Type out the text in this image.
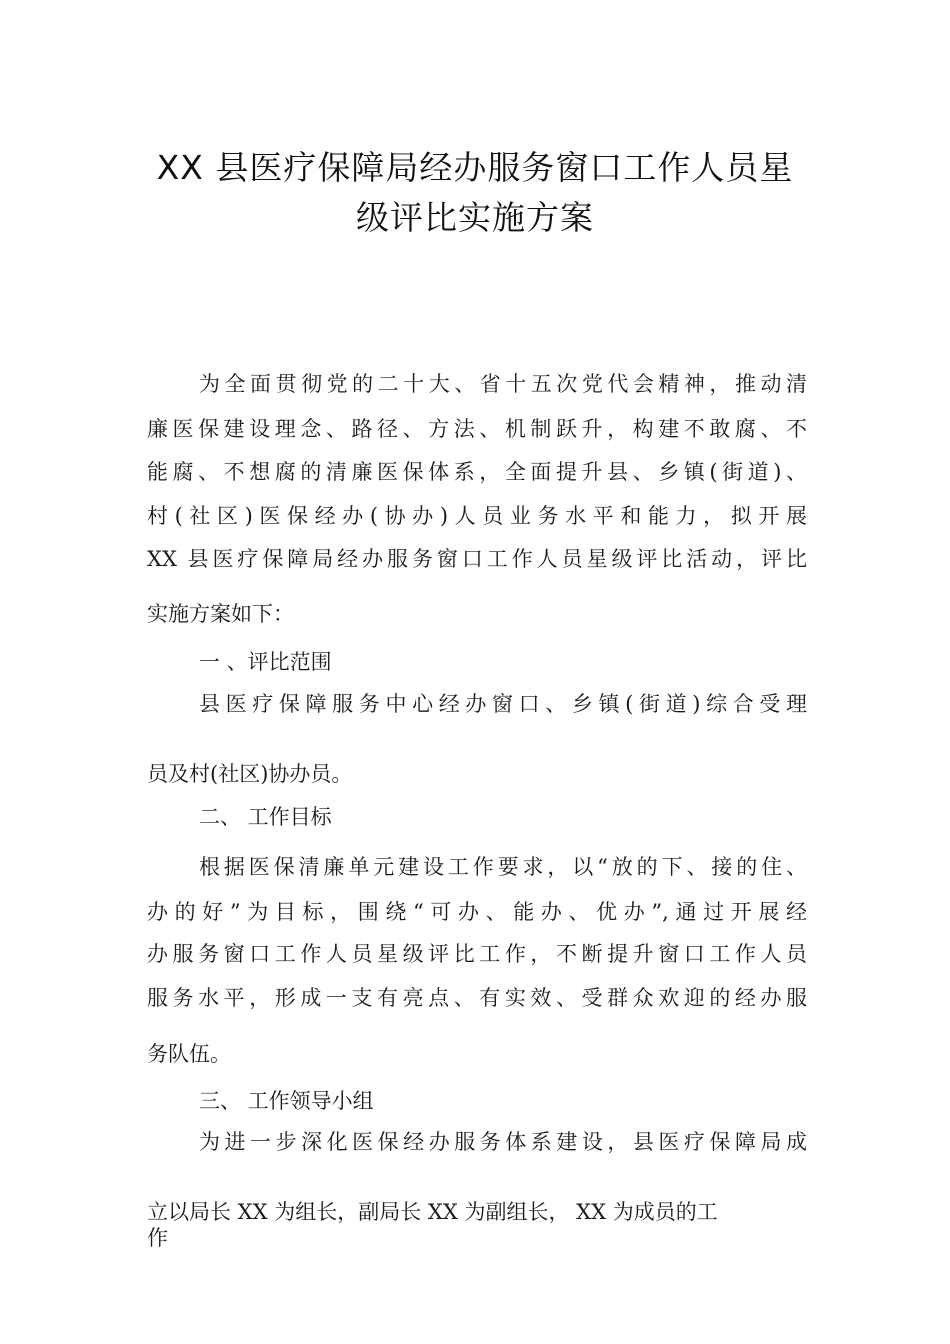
XX 县医疗保障局经办服务窗口工作人员星
级评比实施方案
为全面贯彻党的二十大、省十五次党代会精神，推动清
廉医保建设理念、路径、方法、机制跃升，构建不敢腐、不
能腐、不想腐的清廉医保体系，全面提升县、乡镇(街道)、
村(社区)医保经办(协办)人员业务水平和能力，拟开展
XX 县医疗保障局经办服务窗口工作人员星级评比活动，评比
实施方案如下：
一 、评比范围
县医疗保障服务中心经办窗口、乡镇(街道)综合受理
员及村(社区)协办员。
二、 工作目标
根据医保清廉单元建设工作要求，以“放的下、接的住、
办的好”为目标，围绕“可办、能办、优办”,通过开展经
办服务窗口工作人员星级评比工作，不断提升窗口工作人员
服务水平，形成一支有亮点、有实效、受群众欢迎的经办服
务队伍。
三、 工作领导小组
为进一步深化医保经办服务体系建设，县医疗保障局成
立以局长 XX 为组长，副局长 XX 为副组长， XX 为成员的工
作
